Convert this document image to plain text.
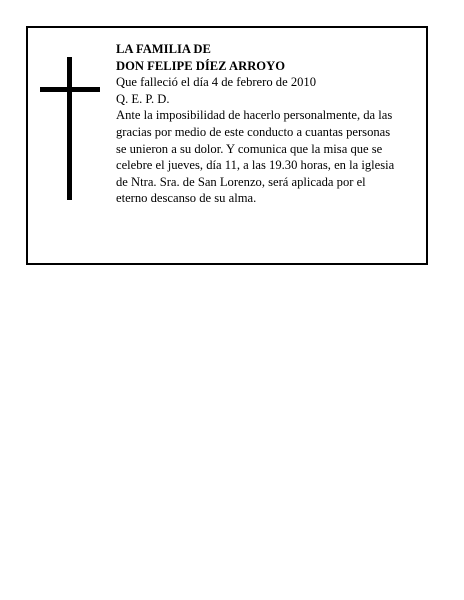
LA FAMILIA DE
DON FELIPE DÍEZ ARROYO
Que falleció el día 4 de febrero de 2010
Q. E. P. D.
Ante la imposibilidad de hacerlo personalmente, da las
gracias por medio de este conducto a cuantas personas
se unieron a su dolor. Y comunica que la misa que se
celebre el jueves, día 11, a las 19.30 horas, en la iglesia
de Ntra. Sra. de San Lorenzo, será aplicada por el
eterno descanso de su alma.
